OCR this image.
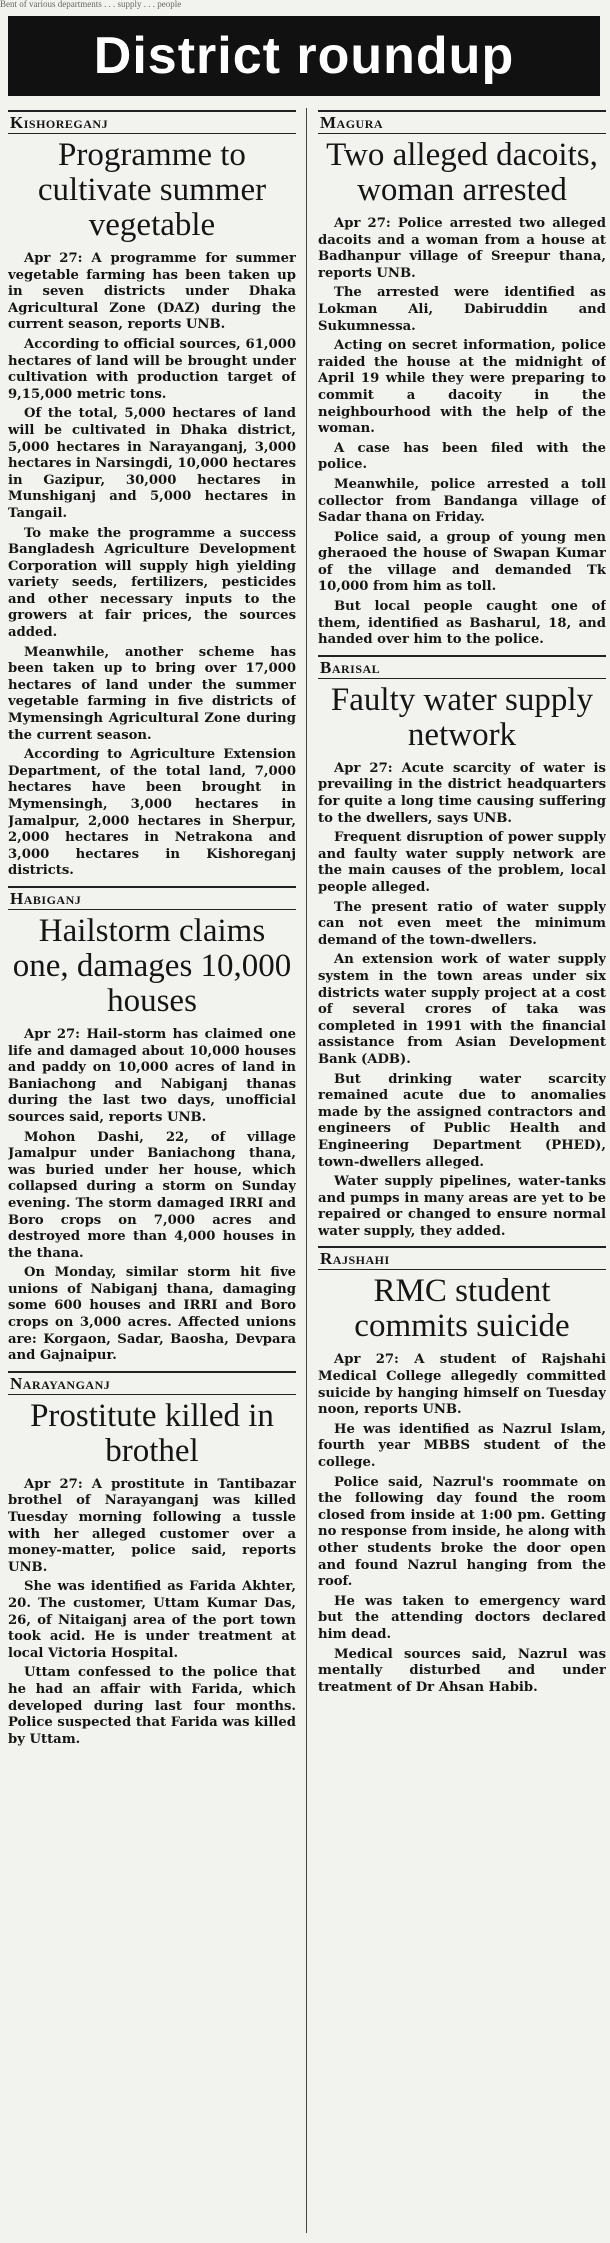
Bent of various departments . . . supply . . . people
District roundup
Kishoreganj
Programme to cultivate summer vegetable

Apr 27: A programme for summer vegetable farming has been taken up in seven districts under Dhaka Agricultural Zone (DAZ) during the current season, reports UNB.

According to official sources, 61,000 hectares of land will be brought under cultivation with production target of 9,15,000 metric tons.

Of the total, 5,000 hectares of land will be cultivated in Dhaka district, 5,000 hectares in Narayanganj, 3,000 hectares in Narsingdi, 10,000 hectares in Gazipur, 30,000 hectares in Munshiganj and 5,000 hectares in Tangail.

To make the programme a success Bangladesh Agriculture Development Corporation will supply high yielding variety seeds, fertilizers, pesticides and other necessary inputs to the growers at fair prices, the sources added.

Meanwhile, another scheme has been taken up to bring over 17,000 hectares of land under the summer vegetable farming in five districts of Mymensingh Agricultural Zone during the current season.

According to Agriculture Extension Department, of the total land, 7,000 hectares have been brought in Mymensingh, 3,000 hectares in Jamalpur, 2,000 hectares in Sherpur, 2,000 hectares in Netrakona and 3,000 hectares in Kishoreganj districts.

Habiganj
Hailstorm claims one, damages 10,000 houses

Apr 27: Hail-storm has claimed one life and damaged about 10,000 houses and paddy on 10,000 acres of land in Baniachong and Nabiganj thanas during the last two days, unofficial sources said, reports UNB.

Mohon Dashi, 22, of village Jamalpur under Baniachong thana, was buried under her house, which collapsed during a storm on Sunday evening. The storm damaged IRRI and Boro crops on 7,000 acres and destroyed more than 4,000 houses in the thana.

On Monday, similar storm hit five unions of Nabiganj thana, damaging some 600 houses and IRRI and Boro crops on 3,000 acres. Affected unions are: Korgaon, Sadar, Baosha, Devpara and Gajnaipur.

Narayanganj
Prostitute killed in brothel

Apr 27: A prostitute in Tantibazar brothel of Narayanganj was killed Tuesday morning following a tussle with her alleged customer over a money-matter, police said, reports UNB.

She was identified as Farida Akhter, 20. The customer, Uttam Kumar Das, 26, of Nitaiganj area of the port town took acid. He is under treatment at local Victoria Hospital.

Uttam confessed to the police that he had an affair with Farida, which developed during last four months. Police suspected that Farida was killed by Uttam.

Magura
Two alleged dacoits, woman arrested

Apr 27: Police arrested two alleged dacoits and a woman from a house at Badhanpur village of Sreepur thana, reports UNB.

The arrested were identified as Lokman Ali, Dabiruddin and Sukumnessa.

Acting on secret information, police raided the house at the midnight of April 19 while they were preparing to commit a dacoity in the neighbourhood with the help of the woman.

A case has been filed with the police.

Meanwhile, police arrested a toll collector from Bandanga village of Sadar thana on Friday.

Police said, a group of young men gheraoed the house of Swapan Kumar of the village and demanded Tk 10,000 from him as toll.

But local people caught one of them, identified as Basharul, 18, and handed over him to the police.

Barisal
Faulty water supply network

Apr 27: Acute scarcity of water is prevailing in the district headquarters for quite a long time causing suffering to the dwellers, says UNB.

Frequent disruption of power supply and faulty water supply network are the main causes of the problem, local people alleged.

The present ratio of water supply can not even meet the minimum demand of the town-dwellers.

An extension work of water supply system in the town areas under six districts water supply project at a cost of several crores of taka was completed in 1991 with the financial assistance from Asian Development Bank (ADB).

But drinking water scarcity remained acute due to anomalies made by the assigned contractors and engineers of Public Health and Engineering Department (PHED), town-dwellers alleged.

Water supply pipelines, water-tanks and pumps in many areas are yet to be repaired or changed to ensure normal water supply, they added.

Rajshahi
RMC student commits suicide

Apr 27: A student of Rajshahi Medical College allegedly committed suicide by hanging himself on Tuesday noon, reports UNB.

He was identified as Nazrul Islam, fourth year MBBS student of the college.

Police said, Nazrul's roommate on the following day found the room closed from inside at 1:00 pm. Getting no response from inside, he along with other students broke the door open and found Nazrul hanging from the roof.

He was taken to emergency ward but the attending doctors declared him dead.

Medical sources said, Nazrul was mentally disturbed and under treatment of Dr Ahsan Habib.
